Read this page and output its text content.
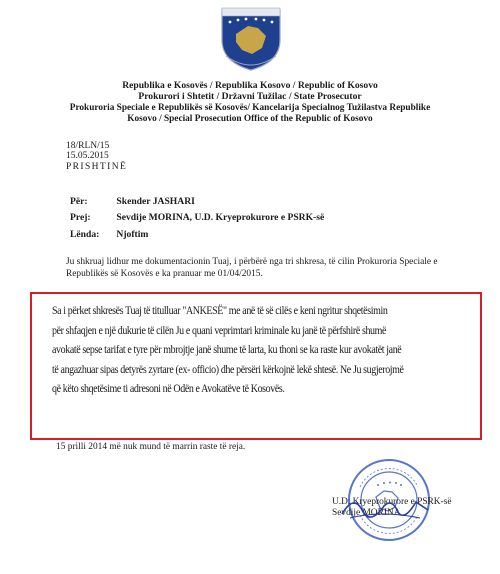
Republika e Kosovës / Republika Kosovo / Republic of Kosovo
Prokurori i Shtetit / Državni Tužilac / State Prosecutor
Prokuroria Speciale e Republikës së Kosovës/ Kancelarija Specialnog Tužilastva Republike
Kosovo / Special Prosecution Office of the Republic of Kosovo
18/RLN/15
15.05.2015
PRISHTINË
Për:	Skender JASHARI
Prej:	Sevdije MORINA, U.D. Kryeprokurore e PSRK-së
Lënda: Njoftim
Ju shkruaj lidhur me dokumentacionin Tuaj, i përbërë nga tri shkresa, të cilin Prokuroria Speciale e
Republikës së Kosovës e ka pranuar me 01/04/2015.
Sa i përket shkresës Tuaj të titulluar "ANKESË" me anë të së cilës e keni ngritur shqetësimin
për shfaqjen e një dukurie të cilën Ju e quani veprimtari kriminale ku janë të përfshirë shumë
avokatë sepse tarifat e tyre për mbrojtje janë shume të larta, ku thoni se ka raste kur avokatët janë
të angazhuar sipas detyrës zyrtare (ex- officio) dhe përsëri kërkojnë lekë shtesë. Ne Ju sugjerojmë
që këto shqetësime ti adresoni në Odën e Avokatëve të Kosovës.
15 prilli 2014 më nuk mund të marrin raste të reja.
U.D. Kryeprokurore e PSRK-së
Sevdije MORINA
